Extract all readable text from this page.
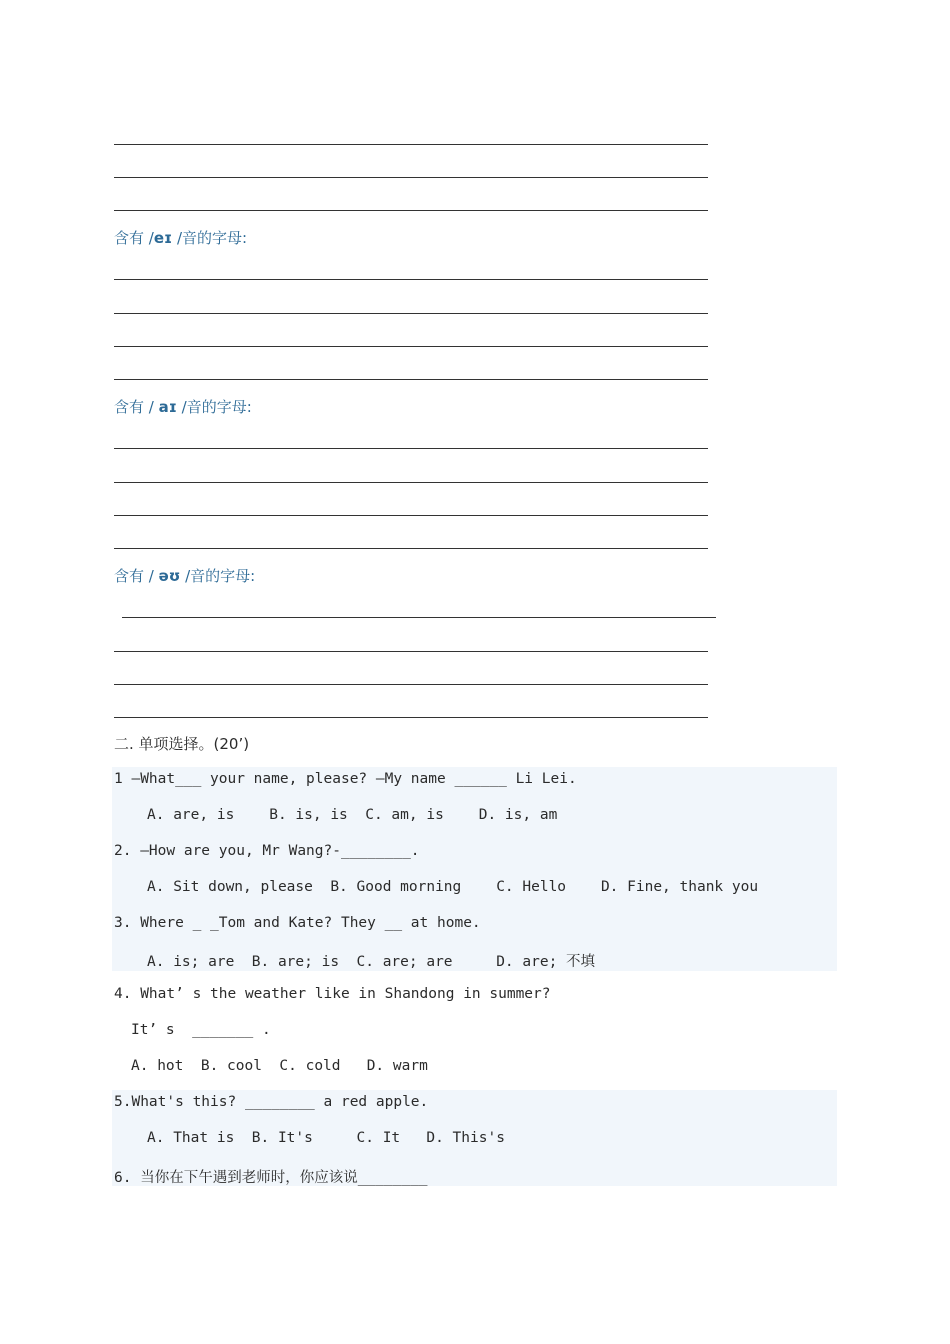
含有 /eɪ /音的字母:
含有 / aɪ /音的字母:
含有 / əʊ /音的字母:
二. 单项选择。(20’)
1 —What___ your name, please? —My name ______ Li Lei.
A. are, is    B. is, is  C. am, is    D. is, am
2. —How are you, Mr Wang?-________.
A. Sit down, please  B. Good morning    C. Hello    D. Fine, thank you
3. Where _ _Tom and Kate? They __ at home.
A. is; are  B. are; is  C. are; are     D. are; 不填
4. What’ s the weather like in Shandong in summer?
It’ s  _______ .
A. hot  B. cool  C. cold   D. warm
5.What's this? ________ a red apple.
A. That is  B. It's     C. It   D. This's
6. 当你在下午遇到老师时，你应该说________
